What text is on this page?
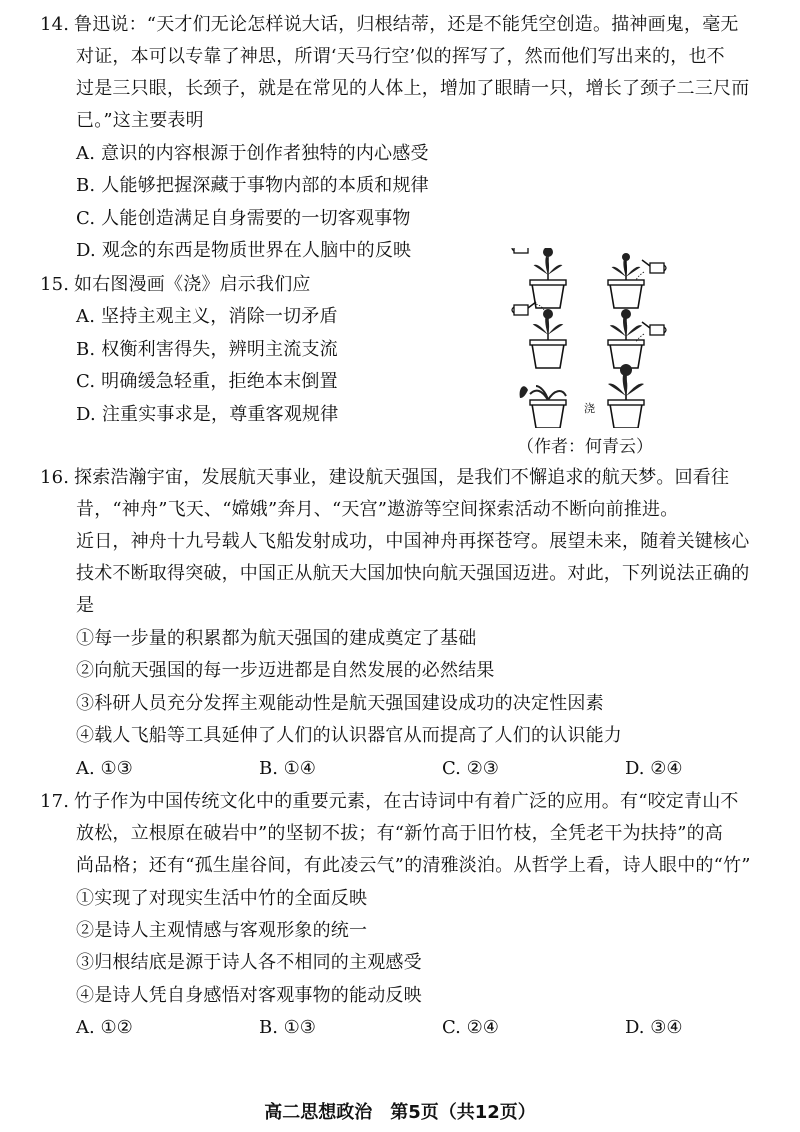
14. 鲁迅说：“天才们无论怎样说大话，归根结蒂，还是不能凭空创造。描神画鬼，毫无
对证，本可以专靠了神思，所谓‘天马行空’似的挥写了，然而他们写出来的，也不
过是三只眼，长颈子，就是在常见的人体上，增加了眼睛一只，增长了颈子二三尺而
已。”这主要表明
A. 意识的内容根源于创作者独特的内心感受
B. 人能够把握深藏于事物内部的本质和规律
C. 人能创造满足自身需要的一切客观事物
D. 观念的东西是物质世界在人脑中的反映
15. 如右图漫画《浇》启示我们应
A. 坚持主观主义，消除一切矛盾
B. 权衡利害得失，辨明主流支流
C. 明确缓急轻重，拒绝本末倒置
D. 注重实事求是，尊重客观规律	浇
（作者：何青云）
16. 探索浩瀚宇宙，发展航天事业，建设航天强国，是我们不懈追求的航天梦。回看往
昔，“神舟”飞天、“嫦娥”奔月、“天宫”遨游等空间探索活动不断向前推进。
近日，神舟十九号载人飞船发射成功，中国神舟再探苍穹。展望未来，随着关键核心
技术不断取得突破，中国正从航天大国加快向航天强国迈进。对此，下列说法正确的
是
①每一步量的积累都为航天强国的建成奠定了基础
②向航天强国的每一步迈进都是自然发展的必然结果
③科研人员充分发挥主观能动性是航天强国建设成功的决定性因素
④载人飞船等工具延伸了人们的认识器官从而提高了人们的认识能力
A. ①③	B. ①④	C. ②③	D. ②④
17. 竹子作为中国传统文化中的重要元素，在古诗词中有着广泛的应用。有“咬定青山不
放松，立根原在破岩中”的坚韧不拔；有“新竹高于旧竹枝，全凭老干为扶持”的高
尚品格；还有“孤生崖谷间，有此凌云气”的清雅淡泊。从哲学上看，诗人眼中的“竹”
①实现了对现实生活中竹的全面反映
②是诗人主观情感与客观形象的统一
③归根结底是源于诗人各不相同的主观感受
④是诗人凭自身感悟对客观事物的能动反映
A. ①②	B. ①③	C. ②④	D. ③④
高二思想政治　第5页（共12页）
